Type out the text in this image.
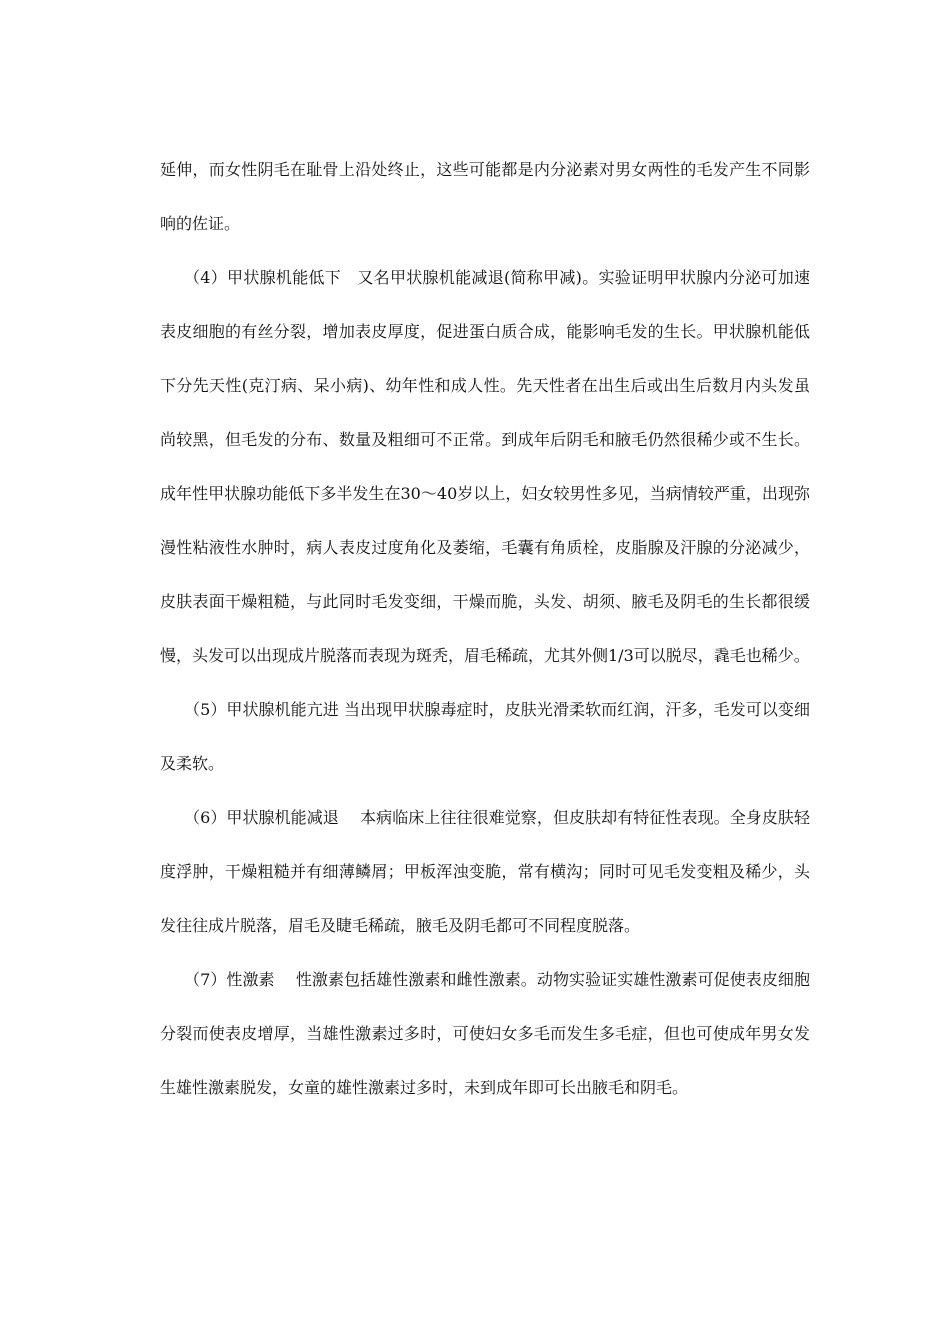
延伸，而女性阴毛在耻骨上沿处终止，这些可能都是内分泌素对男女两性的毛发产生不同影响的佐证。

（4）甲状腺机能低下　又名甲状腺机能减退(简称甲减)。实验证明甲状腺内分泌可加速表皮细胞的有丝分裂，增加表皮厚度，促进蛋白质合成，能影响毛发的生长。甲状腺机能低下分先天性(克汀病、呆小病)、幼年性和成人性。先天性者在出生后或出生后数月内头发虽尚较黑，但毛发的分布、数量及粗细可不正常。到成年后阴毛和腋毛仍然很稀少或不生长。成年性甲状腺功能低下多半发生在30～40岁以上，妇女较男性多见，当病情较严重，出现弥漫性粘液性水肿时，病人表皮过度角化及萎缩，毛囊有角质栓，皮脂腺及汗腺的分泌减少，皮肤表面干燥粗糙，与此同时毛发变细，干燥而脆，头发、胡须、腋毛及阴毛的生长都很缓慢，头发可以出现成片脱落而表现为斑秃，眉毛稀疏，尤其外侧1/3可以脱尽，毳毛也稀少。

（5）甲状腺机能亢进 当出现甲状腺毒症时，皮肤光滑柔软而红润，汗多，毛发可以变细及柔软。

（6）甲状腺机能减退　 本病临床上往往很难觉察，但皮肤却有特征性表现。全身皮肤轻度浮肿，干燥粗糙并有细薄鳞屑；甲板浑浊变脆，常有横沟；同时可见毛发变粗及稀少，头发往往成片脱落，眉毛及睫毛稀疏，腋毛及阴毛都可不同程度脱落。

（7）性激素　 性激素包括雄性激素和雌性激素。动物实验证实雄性激素可促使表皮细胞分裂而使表皮增厚，当雄性激素过多时，可使妇女多毛而发生多毛症，但也可使成年男女发生雄性激素脱发，女童的雄性激素过多时，未到成年即可长出腋毛和阴毛。
